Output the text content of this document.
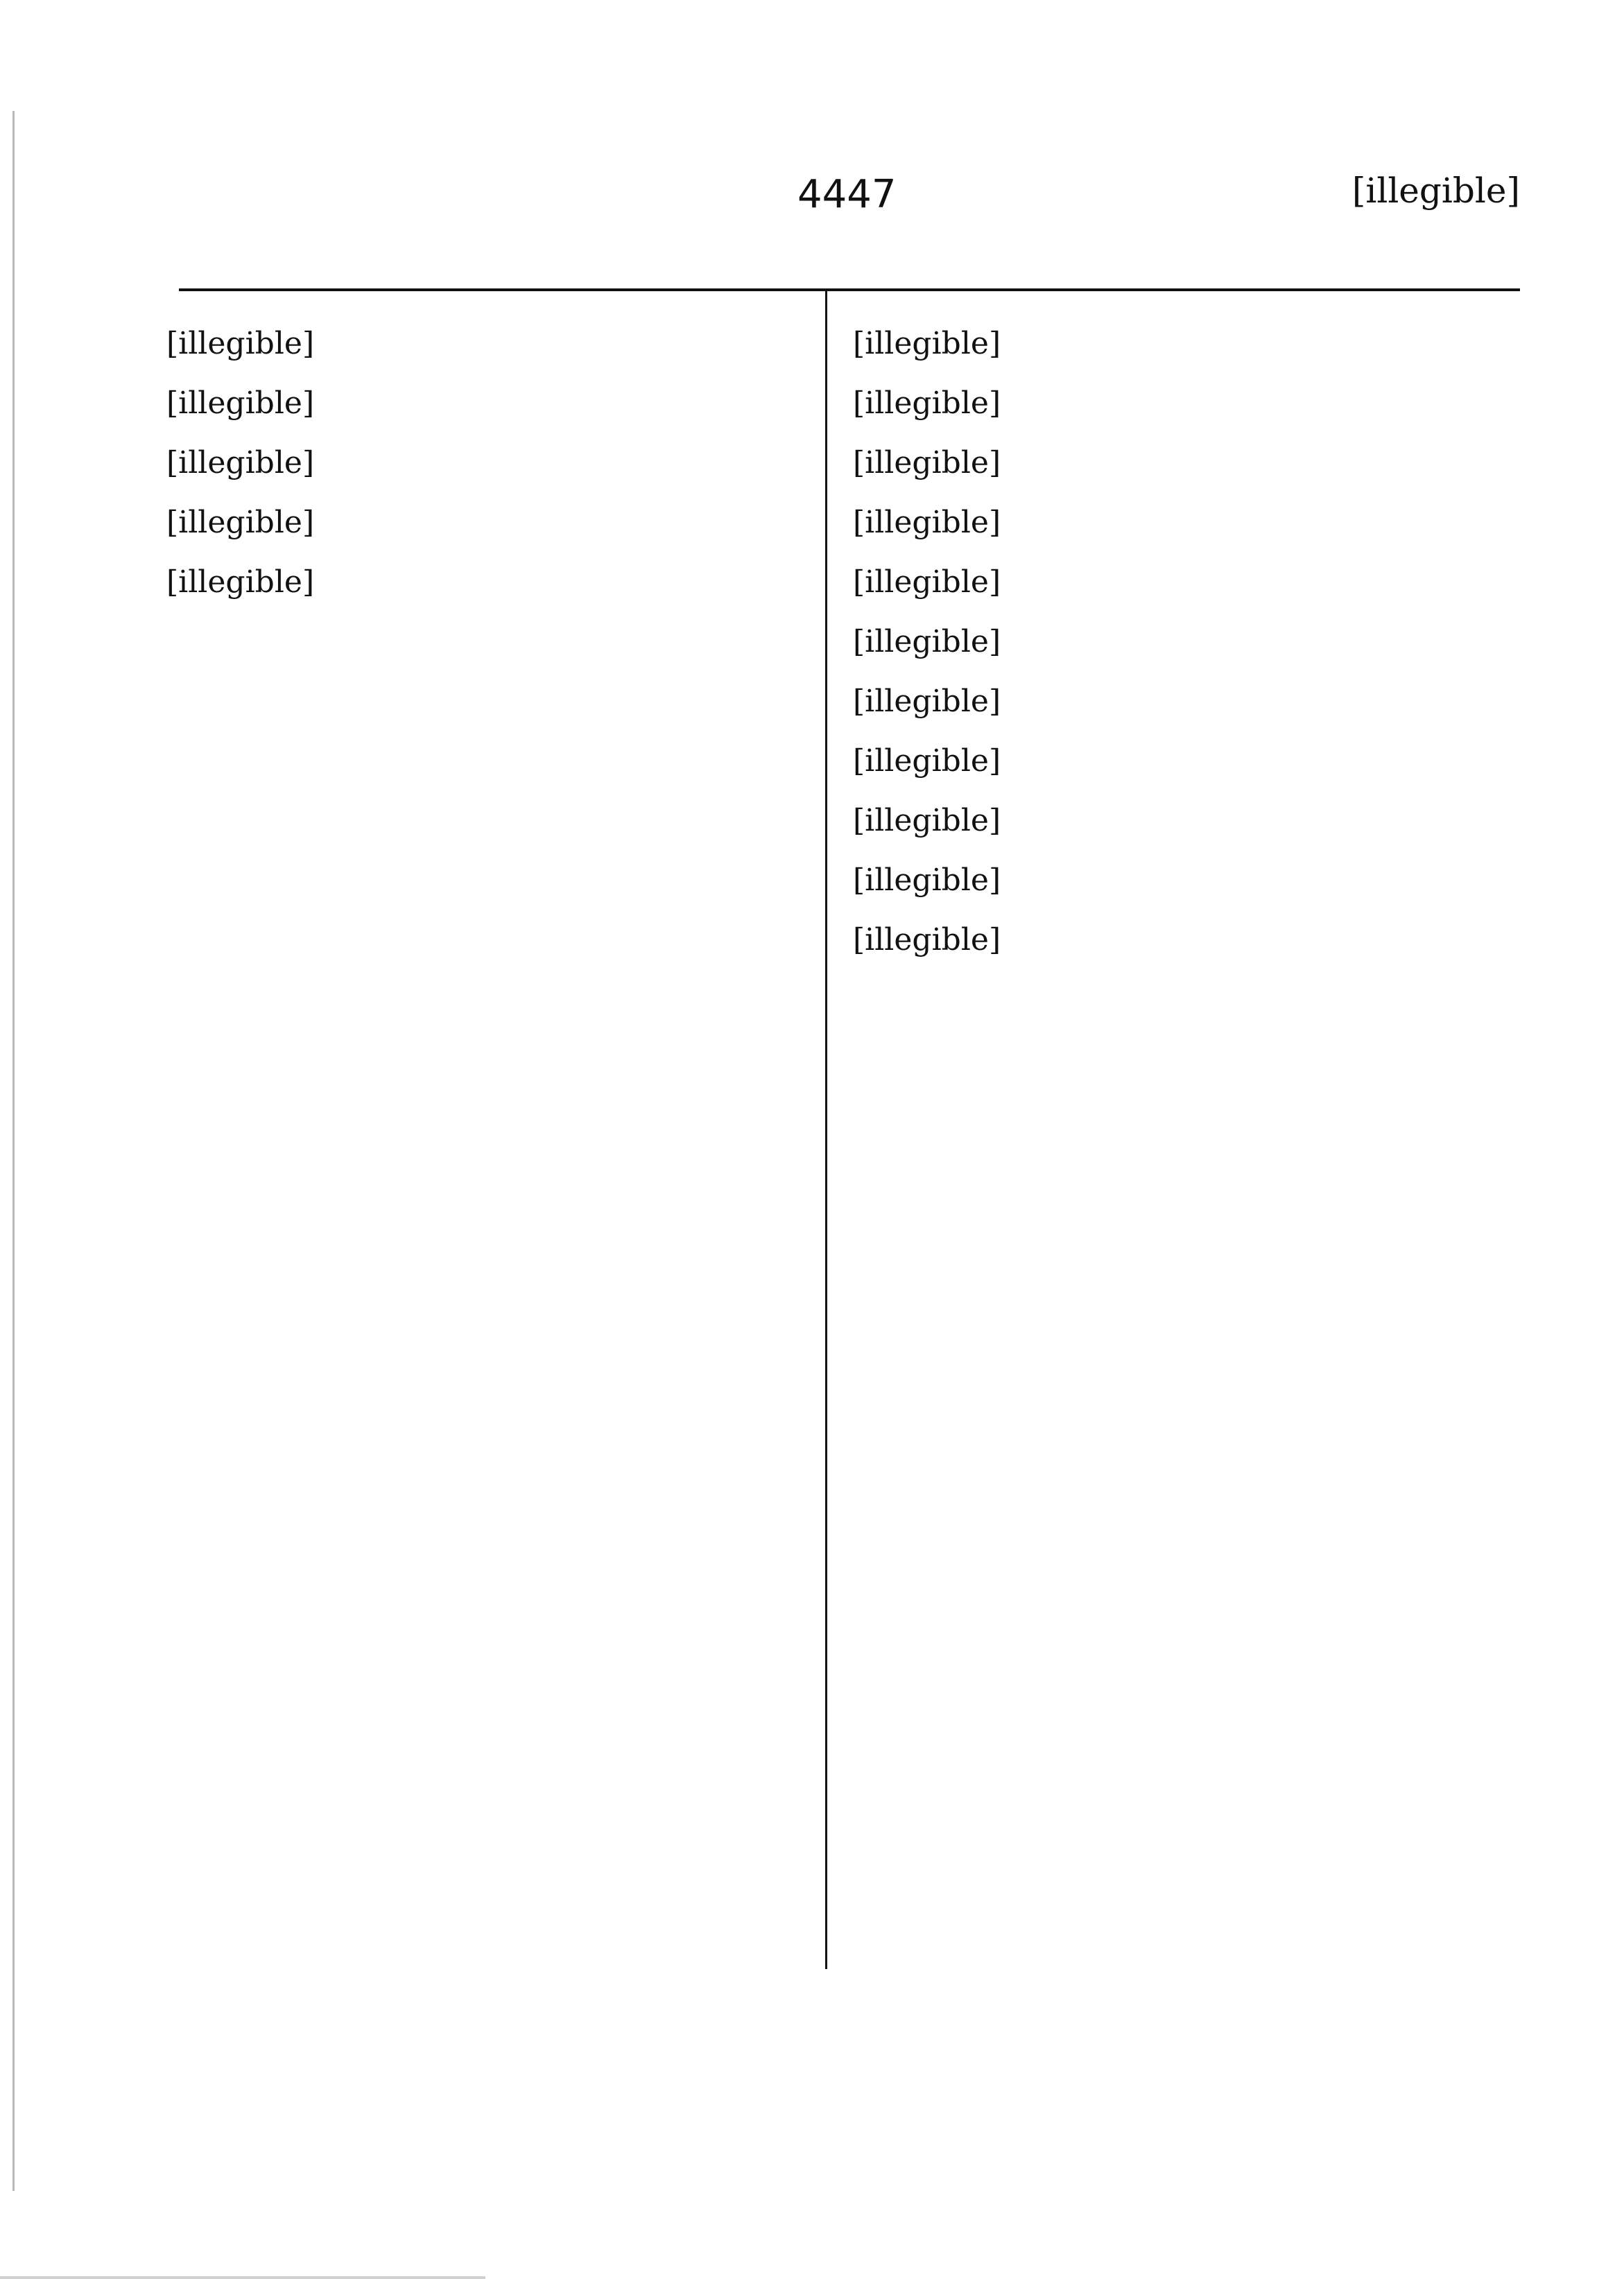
4447	[illegible]
[illegible]
[illegible]
[illegible]
[illegible]
[illegible]
[illegible]
[illegible]
[illegible]
[illegible]
[illegible]
[illegible]
[illegible]
[illegible]
[illegible]
[illegible]
[illegible]
